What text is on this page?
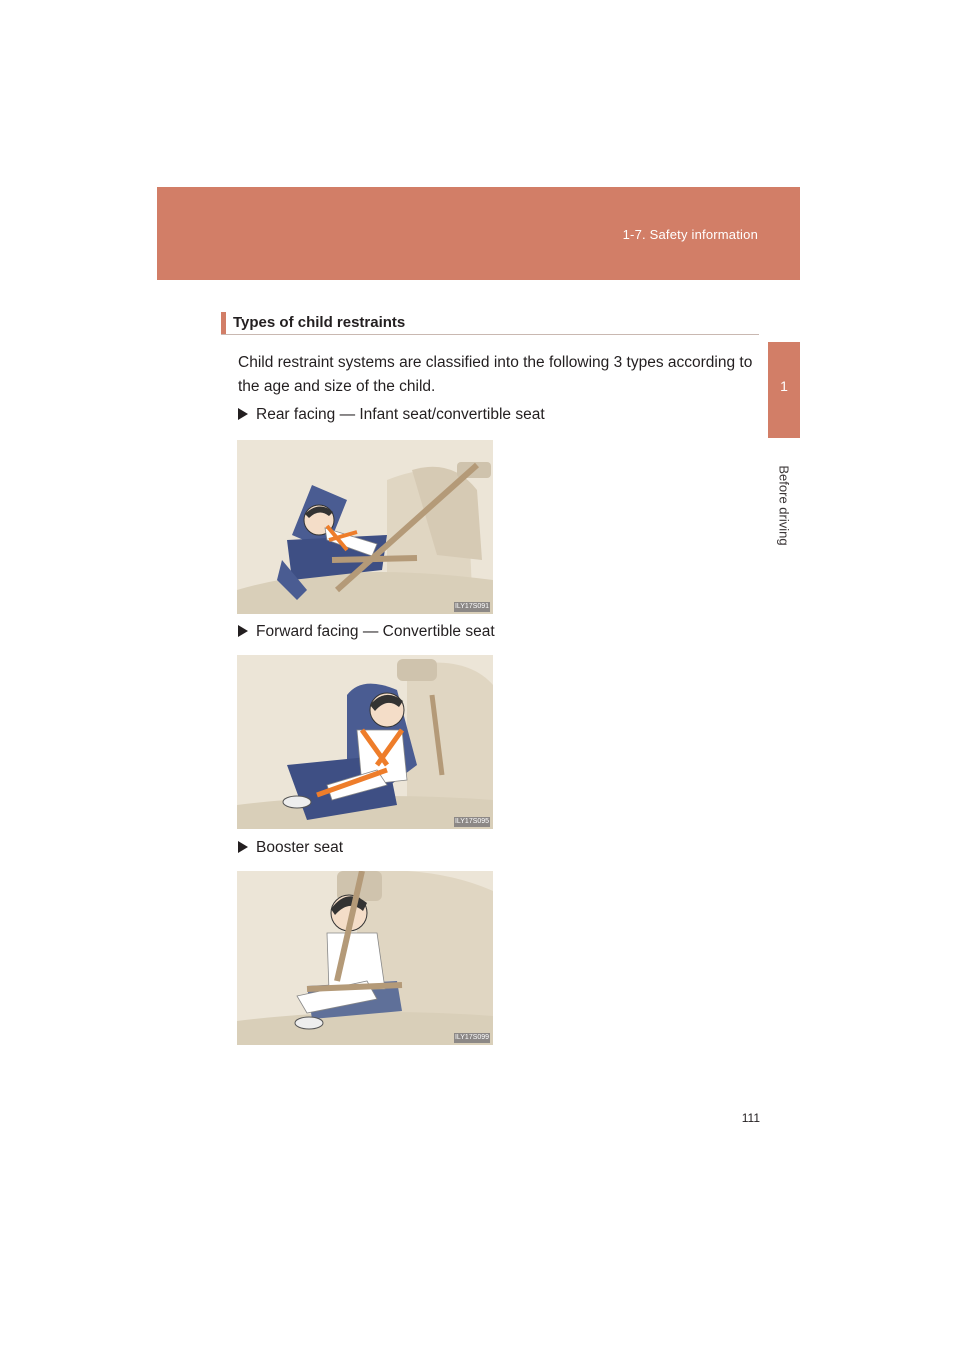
1-7. Safety information
1
Before driving
Types of child restraints
Child restraint systems are classified into the following 3 types according to the age and size of the child.
Rear facing — Infant seat/convertible seat
ILY17S091
Forward facing — Convertible seat
ILY17S095
Booster seat
ILY17S099
111
